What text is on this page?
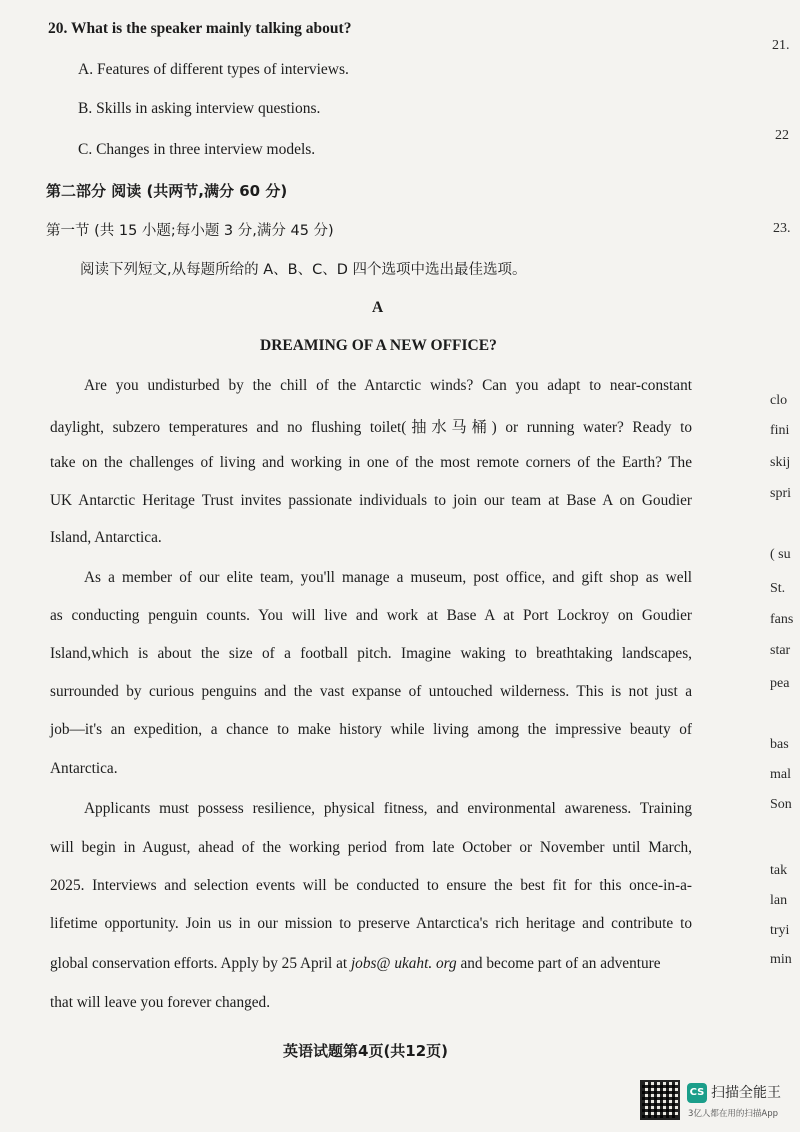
20. What is the speaker mainly talking about?
A. Features of different types of interviews.
B. Skills in asking interview questions.
C. Changes in three interview models.
第二部分 阅读 (共两节,满分 60 分)
第一节 (共 15 小题;每小题 3 分,满分 45 分)
阅读下列短文,从每题所给的 A、B、C、D 四个选项中选出最佳选项。
A
DREAMING OF A NEW OFFICE?
Are you undisturbed by the chill of the Antarctic winds? Can you adapt to near-constant
daylight, subzero temperatures and no flushing toilet(抽水马桶) or running water? Ready to
take on the challenges of living and working in one of the most remote corners of the Earth? The
UK Antarctic Heritage Trust invites passionate individuals to join our team at Base A on Goudier
Island, Antarctica.
As a member of our elite team, you'll manage a museum, post office, and gift shop as well
as conducting penguin counts. You will live and work at Base A at Port Lockroy on Goudier
Island,which is about the size of a football pitch. Imagine waking to breathtaking landscapes,
surrounded by curious penguins and the vast expanse of untouched wilderness. This is not just a
job—it's an expedition, a chance to make history while living among the impressive beauty of
Antarctica.
Applicants must possess resilience, physical fitness, and environmental awareness. Training
will begin in August, ahead of the working period from late October or November until March,
2025. Interviews and selection events will be conducted to ensure the best fit for this once-in-a-
lifetime opportunity. Join us in our mission to preserve Antarctica's rich heritage and contribute to
global conservation efforts. Apply by 25 April at jobs@ ukaht. org and become part of an adventure
that will leave you forever changed.
英语试题第4页(共12页)
21.
22
23.
clo
fini
skij
spri
( su
St.
fans
star
pea
bas
mal
Son
tak
lan
tryi
min
CS 扫描全能王
3亿人都在用的扫描App
